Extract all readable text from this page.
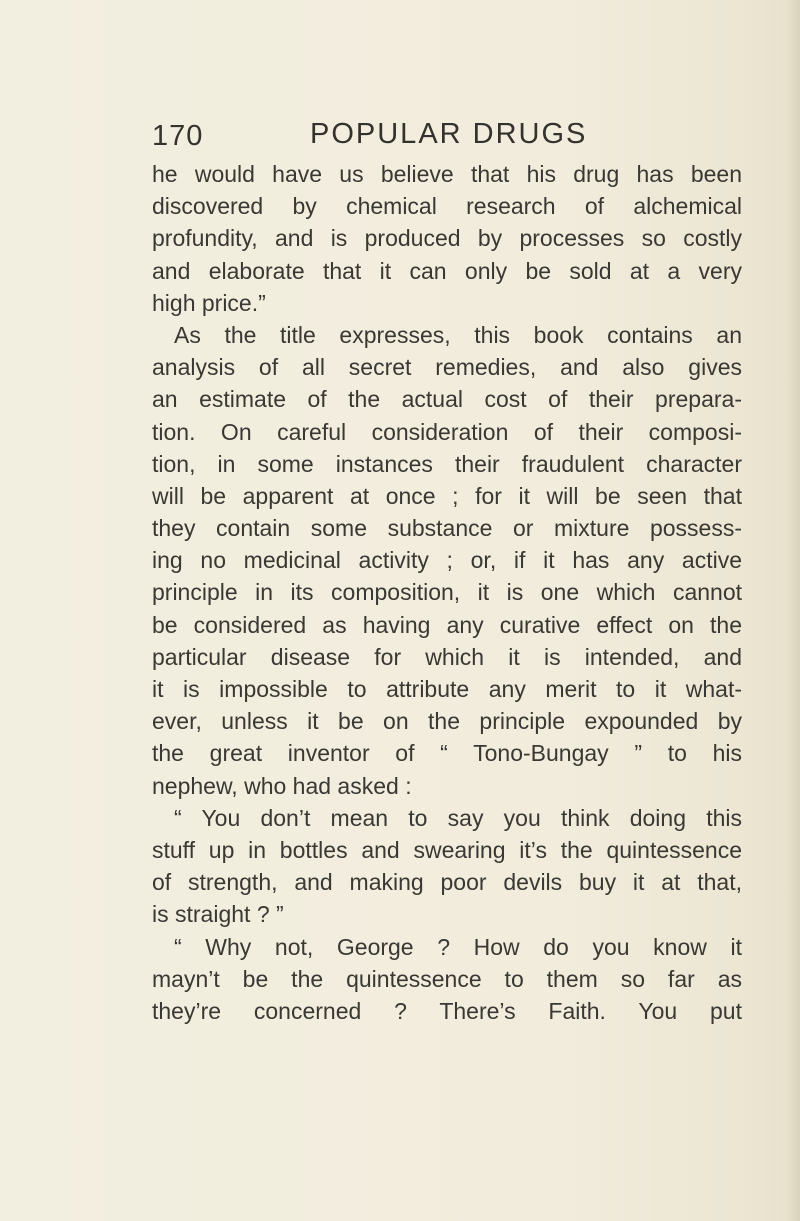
170	POPULAR DRUGS
he would have us believe that his drug has been
discovered by chemical research of alchemical
profundity, and is produced by processes so costly
and elaborate that it can only be sold at a very
high price.”
As the title expresses, this book contains an
analysis of all secret remedies, and also gives
an estimate of the actual cost of their prepara-
tion. On careful consideration of their composi-
tion, in some instances their fraudulent character
will be apparent at once ; for it will be seen that
they contain some substance or mixture possess-
ing no medicinal activity ; or, if it has any active
principle in its composition, it is one which cannot
be considered as having any curative effect on the
particular disease for which it is intended, and
it is impossible to attribute any merit to it what-
ever, unless it be on the principle expounded by
the great inventor of “ Tono-Bungay ” to his
nephew, who had asked :
“ You don’t mean to say you think doing this
stuff up in bottles and swearing it’s the quintessence
of strength, and making poor devils buy it at that,
is straight ? ”
“ Why not, George ? How do you know it
mayn’t be the quintessence to them so far as
they’re concerned ? There’s Faith. You put
